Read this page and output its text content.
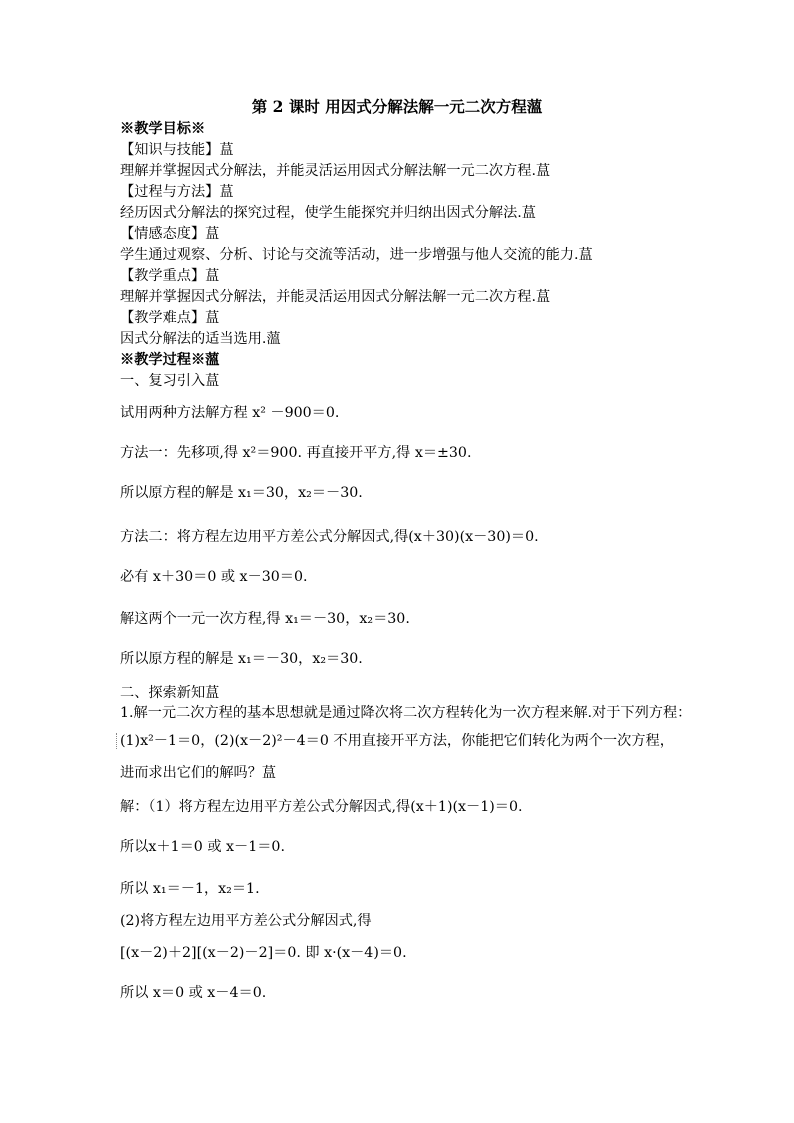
第 2 课时 用因式分解法解一元二次方程薀
※教学目标※
【知识与技能】蒀
理解并掌握因式分解法，并能灵活运用因式分解法解一元二次方程.蒀
【过程与方法】蒀
经历因式分解法的探究过程，使学生能探究并归纳出因式分解法.蒀
【情感态度】蒀
学生通过观察、分析、讨论与交流等活动，进一步增强与他人交流的能力.蒀
【教学重点】蒀
理解并掌握因式分解法，并能灵活运用因式分解法解一元二次方程.蒀
【教学难点】蒀
因式分解法的适当选用.薀
※教学过程※薀
一、复习引入蒀
试用两种方法解方程 x² －900＝0.
方法一：先移项,得 x²＝900. 再直接开平方,得 x＝±30.
所以原方程的解是 x₁＝30，x₂＝－30.
方法二：将方程左边用平方差公式分解因式,得(x＋30)(x－30)＝0.
必有 x＋30＝0 或 x－30＝0.
解这两个一元一次方程,得 x₁＝－30，x₂＝30.
所以原方程的解是 x₁＝－30，x₂＝30.
二、探索新知蒀
1.解一元二次方程的基本思想就是通过降次将二次方程转化为一次方程来解.对于下列方程：
(1)x²－1＝0，(2)(x－2)²－4＝0 不用直接开平方法，你能把它们转化为两个一次方程，
进而求出它们的解吗？蒀
解：（1）将方程左边用平方差公式分解因式,得(x＋1)(x－1)＝0.
所以x＋1＝0 或 x－1＝0.
所以 x₁＝－1，x₂＝1.
(2)将方程左边用平方差公式分解因式,得
[(x－2)＋2][(x－2)－2]＝0. 即 x·(x－4)＝0.
所以 x＝0 或 x－4＝0.
